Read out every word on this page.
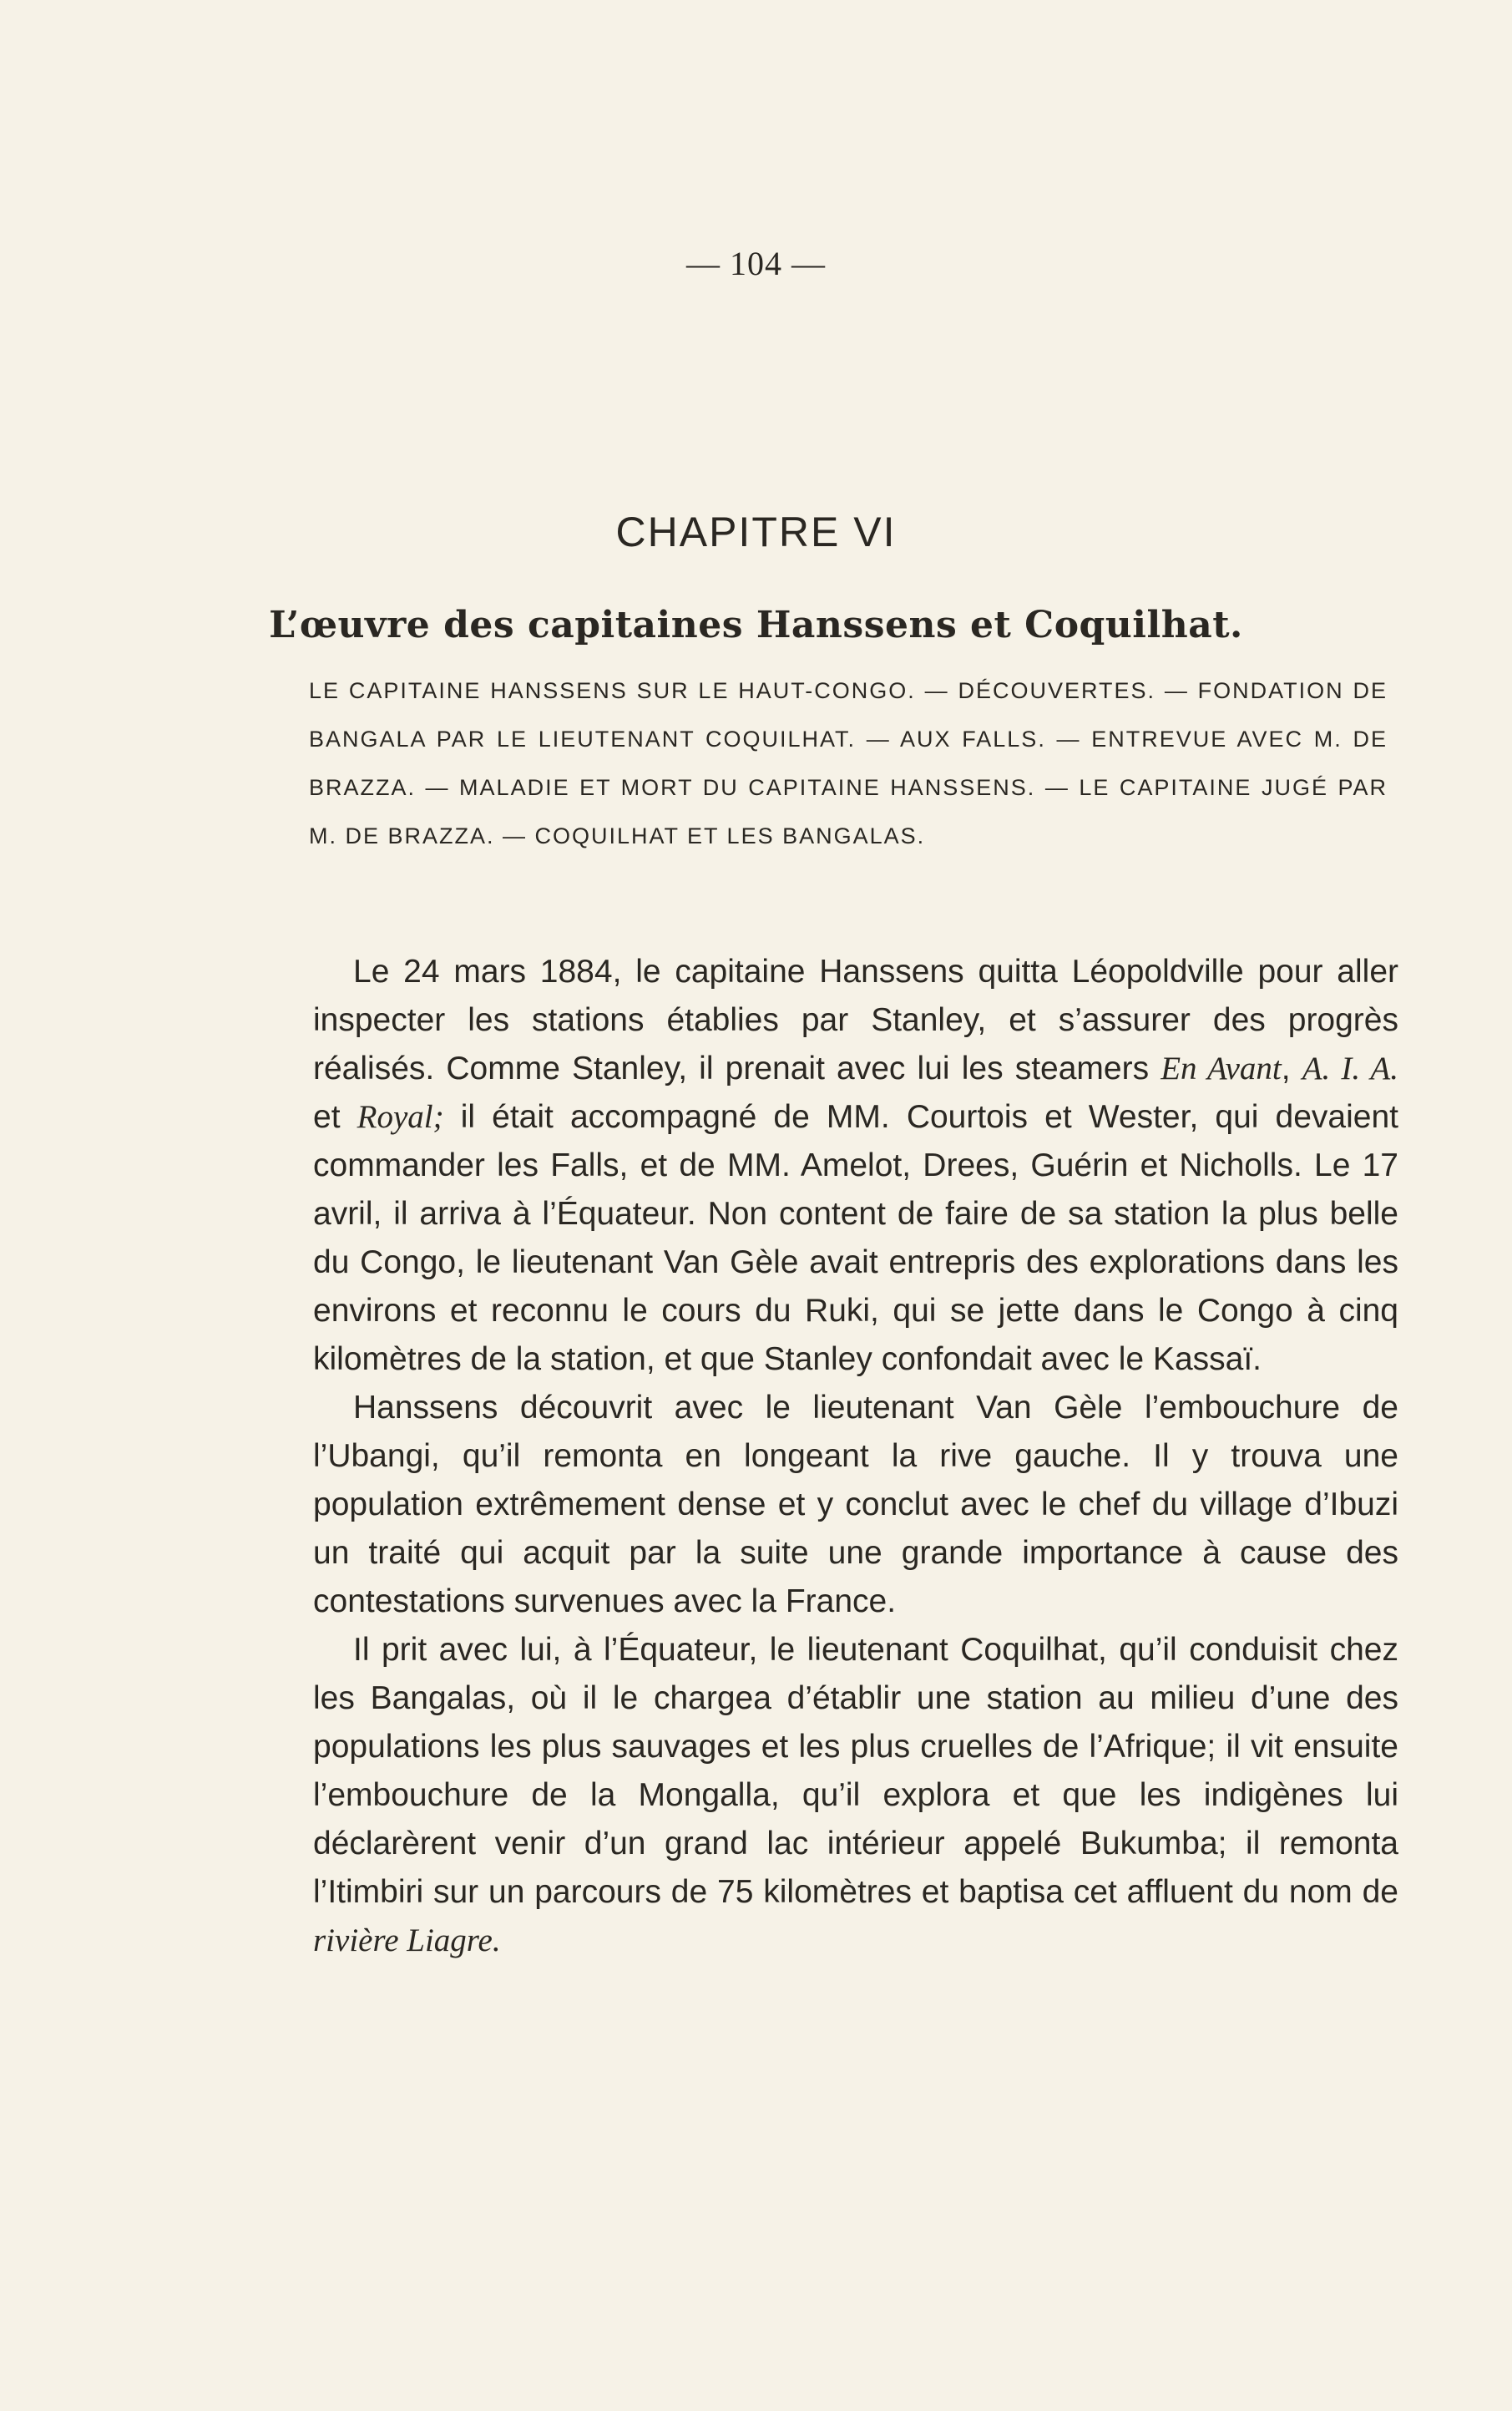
— 104 —
CHAPITRE VI
L’œuvre des capitaines Hanssens et Coquilhat.
LE CAPITAINE HANSSENS SUR LE HAUT-CONGO. — DÉCOUVERTES. — FONDATION DE BANGALA PAR LE LIEUTENANT COQUILHAT. — AUX FALLS. — ENTREVUE AVEC M. DE BRAZZA. — MALADIE ET MORT DU CAPITAINE HANSSENS. — LE CAPITAINE JUGÉ PAR M. DE BRAZZA. — COQUILHAT ET LES BANGALAS.

Le 24 mars 1884, le capitaine Hanssens quitta Léopoldville pour aller inspecter les stations établies par Stanley, et s’assurer des progrès réalisés. Comme Stanley, il prenait avec lui les steamers En Avant, A. I. A. et Royal; il était accompagné de MM. Courtois et Wester, qui devaient commander les Falls, et de MM. Amelot, Drees, Guérin et Nicholls. Le 17 avril, il arriva à l’Équateur. Non content de faire de sa station la plus belle du Congo, le lieutenant Van Gèle avait entrepris des explorations dans les environs et reconnu le cours du Ruki, qui se jette dans le Congo à cinq kilomètres de la station, et que Stanley confondait avec le Kassaï.

Hanssens découvrit avec le lieutenant Van Gèle l’embouchure de l’Ubangi, qu’il remonta en longeant la rive gauche. Il y trouva une population extrêmement dense et y conclut avec le chef du village d’Ibuzi un traité qui acquit par la suite une grande importance à cause des contestations survenues avec la France.

Il prit avec lui, à l’Équateur, le lieutenant Coquilhat, qu’il conduisit chez les Bangalas, où il le chargea d’établir une station au milieu d’une des populations les plus sauvages et les plus cruelles de l’Afrique; il vit ensuite l’embouchure de la Mongalla, qu’il explora et que les indigènes lui déclarèrent venir d’un grand lac intérieur appelé Bukumba; il remonta l’Itimbiri sur un parcours de 75 kilomètres et baptisa cet affluent du nom de rivière Liagre.
